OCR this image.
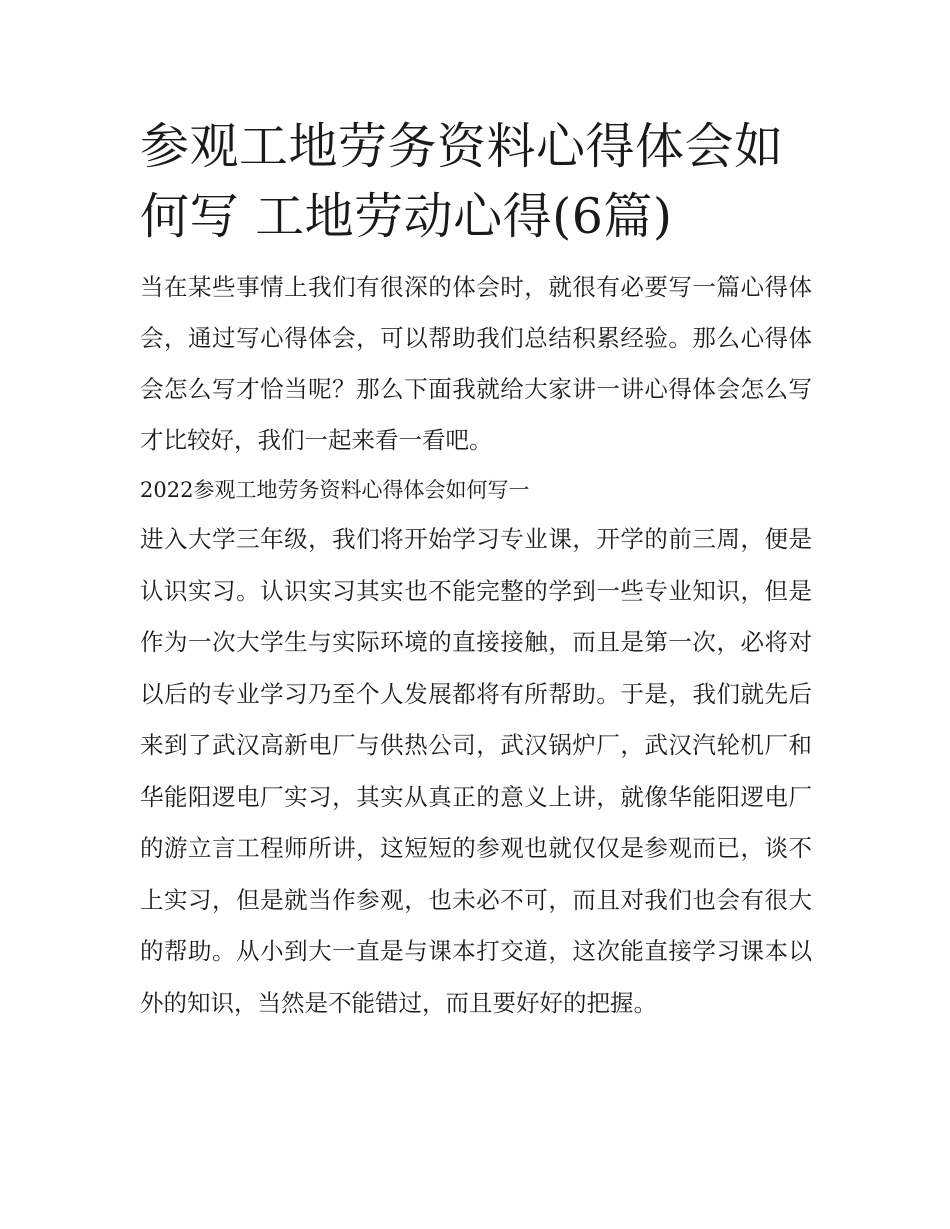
参观工地劳务资料心得体会如何写 工地劳动心得(6篇)

当在某些事情上我们有很深的体会时，就很有必要写一篇心得体会，通过写心得体会，可以帮助我们总结积累经验。那么心得体会怎么写才恰当呢？那么下面我就给大家讲一讲心得体会怎么写才比较好，我们一起来看一看吧。

2022参观工地劳务资料心得体会如何写一

进入大学三年级，我们将开始学习专业课，开学的前三周，便是认识实习。认识实习其实也不能完整的学到一些专业知识，但是作为一次大学生与实际环境的直接接触，而且是第一次，必将对以后的专业学习乃至个人发展都将有所帮助。于是，我们就先后来到了武汉高新电厂与供热公司，武汉锅炉厂，武汉汽轮机厂和华能阳逻电厂实习，其实从真正的意义上讲，就像华能阳逻电厂的游立言工程师所讲，这短短的参观也就仅仅是参观而已，谈不上实习，但是就当作参观，也未必不可，而且对我们也会有很大的帮助。从小到大一直是与课本打交道，这次能直接学习课本以外的知识，当然是不能错过，而且要好好的把握。
